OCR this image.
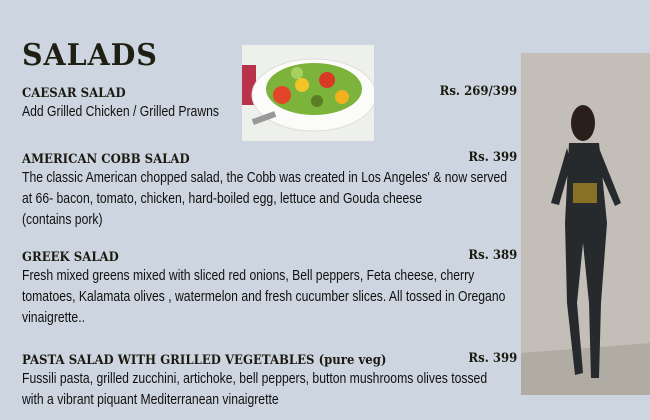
SALADS
CAESAR SALAD	Rs. 269/399
Add Grilled Chicken / Grilled Prawns
AMERICAN COBB SALAD	Rs. 399
The classic American chopped salad, the Cobb was created in Los Angeles' & now served
at 66- bacon, tomato, chicken, hard-boiled egg, lettuce and Gouda cheese
(contains pork)
GREEK SALAD	Rs. 389
Fresh mixed greens mixed with sliced red onions, Bell peppers, Feta cheese, cherry
tomatoes, Kalamata olives , watermelon and fresh cucumber slices. All tossed in Oregano
vinaigrette..
PASTA SALAD WITH GRILLED VEGETABLES (pure veg)	Rs. 399
Fussili pasta, grilled zucchini, artichoke, bell peppers, button mushrooms olives tossed
with a vibrant piquant Mediterranean vinaigrette
